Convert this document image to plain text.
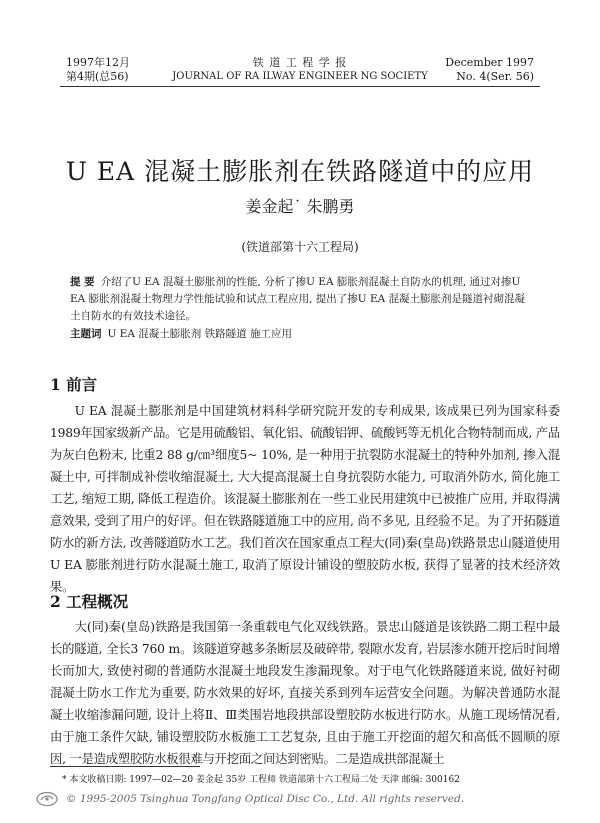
1997年12月
第4期(总56)
铁 道 工 程 学 报
JOURNAL OF RA ILWAY ENGINEER NG SOCIETY
December 1997
No. 4(Ser. 56)
U EA 混凝土膨胀剂在铁路隧道中的应用
姜金起˙ 朱鹏勇
(铁道部第十六工程局)
提 要 介绍了U EA 混凝土膨胀剂的性能, 分析了掺U EA 膨胀剂混凝土自防水的机理, 通过对掺U EA 膨胀剂混凝土物理力学性能试验和试点工程应用, 提出了掺U EA 混凝土膨胀剂是隧道衬砌混凝土自防水的有效技术途径。
主题词 U EA 混凝土膨胀剂 铁路隧道 施工应用
1 前言

U EA 混凝土膨胀剂是中国建筑材料科学研究院开发的专利成果, 该成果已列为国家科委1989年国家级新产品。它是用硫酸铝、氧化铝、硫酸铝钾、硫酸钙等无机化合物特制而成, 产品为灰白色粉末, 比重2 88 g/㎝³细度5~ 10%, 是一种用于抗裂防水混凝土的特种外加剂, 掺入混凝土中, 可拌制成补偿收缩混凝土, 大大提高混凝土自身抗裂防水能力, 可取消外防水, 简化施工工艺, 缩短工期, 降低工程造价。该混凝土膨胀剂在一些工业民用建筑中已被推广应用, 并取得满意效果, 受到了用户的好评。但在铁路隧道施工中的应用, 尚不多见, 且经验不足。为了开拓隧道防水的新方法, 改善隧道防水工艺。我们首次在国家重点工程大(同)秦(皇岛)铁路景忠山隧道使用U EA 膨胀剂进行防水混凝土施工, 取消了原设计铺设的塑胶防水板, 获得了显著的技术经济效果。

2 工程概况

大(同)秦(皇岛)铁路是我国第一条重载电气化双线铁路。景忠山隧道是该铁路二期工程中最长的隧道, 全长3 760 m。该隧道穿越多条断层及破碎带, 裂隙水发育, 岩层渗水随开挖后时间增长而加大, 致使衬砌的普通防水混凝土地段发生渗漏现象。对于电气化铁路隧道来说, 做好衬砌混凝土防水工作尤为重要, 防水效果的好坏, 直接关系到列车运营安全问题。为解决普通防水混凝土收缩渗漏问题, 设计上将Ⅱ、Ⅲ类围岩地段拱部设塑胶防水板进行防水。从施工现场情况看, 由于施工条件欠缺, 铺设塑胶防水板施工工艺复杂, 且由于施工开挖面的超欠和高低不圆顺的原因, 一是造成塑胶防水板很难与开挖面之间达到密贴。二是造成拱部混凝土

* 本文收稿日期: 1997—02—20 姜金起 35岁 工程师 铁道部第十六工程局二处 天津 邮编: 300162
© 1995-2005 Tsinghua Tongfang Optical Disc Co., Ltd. All rights reserved.
